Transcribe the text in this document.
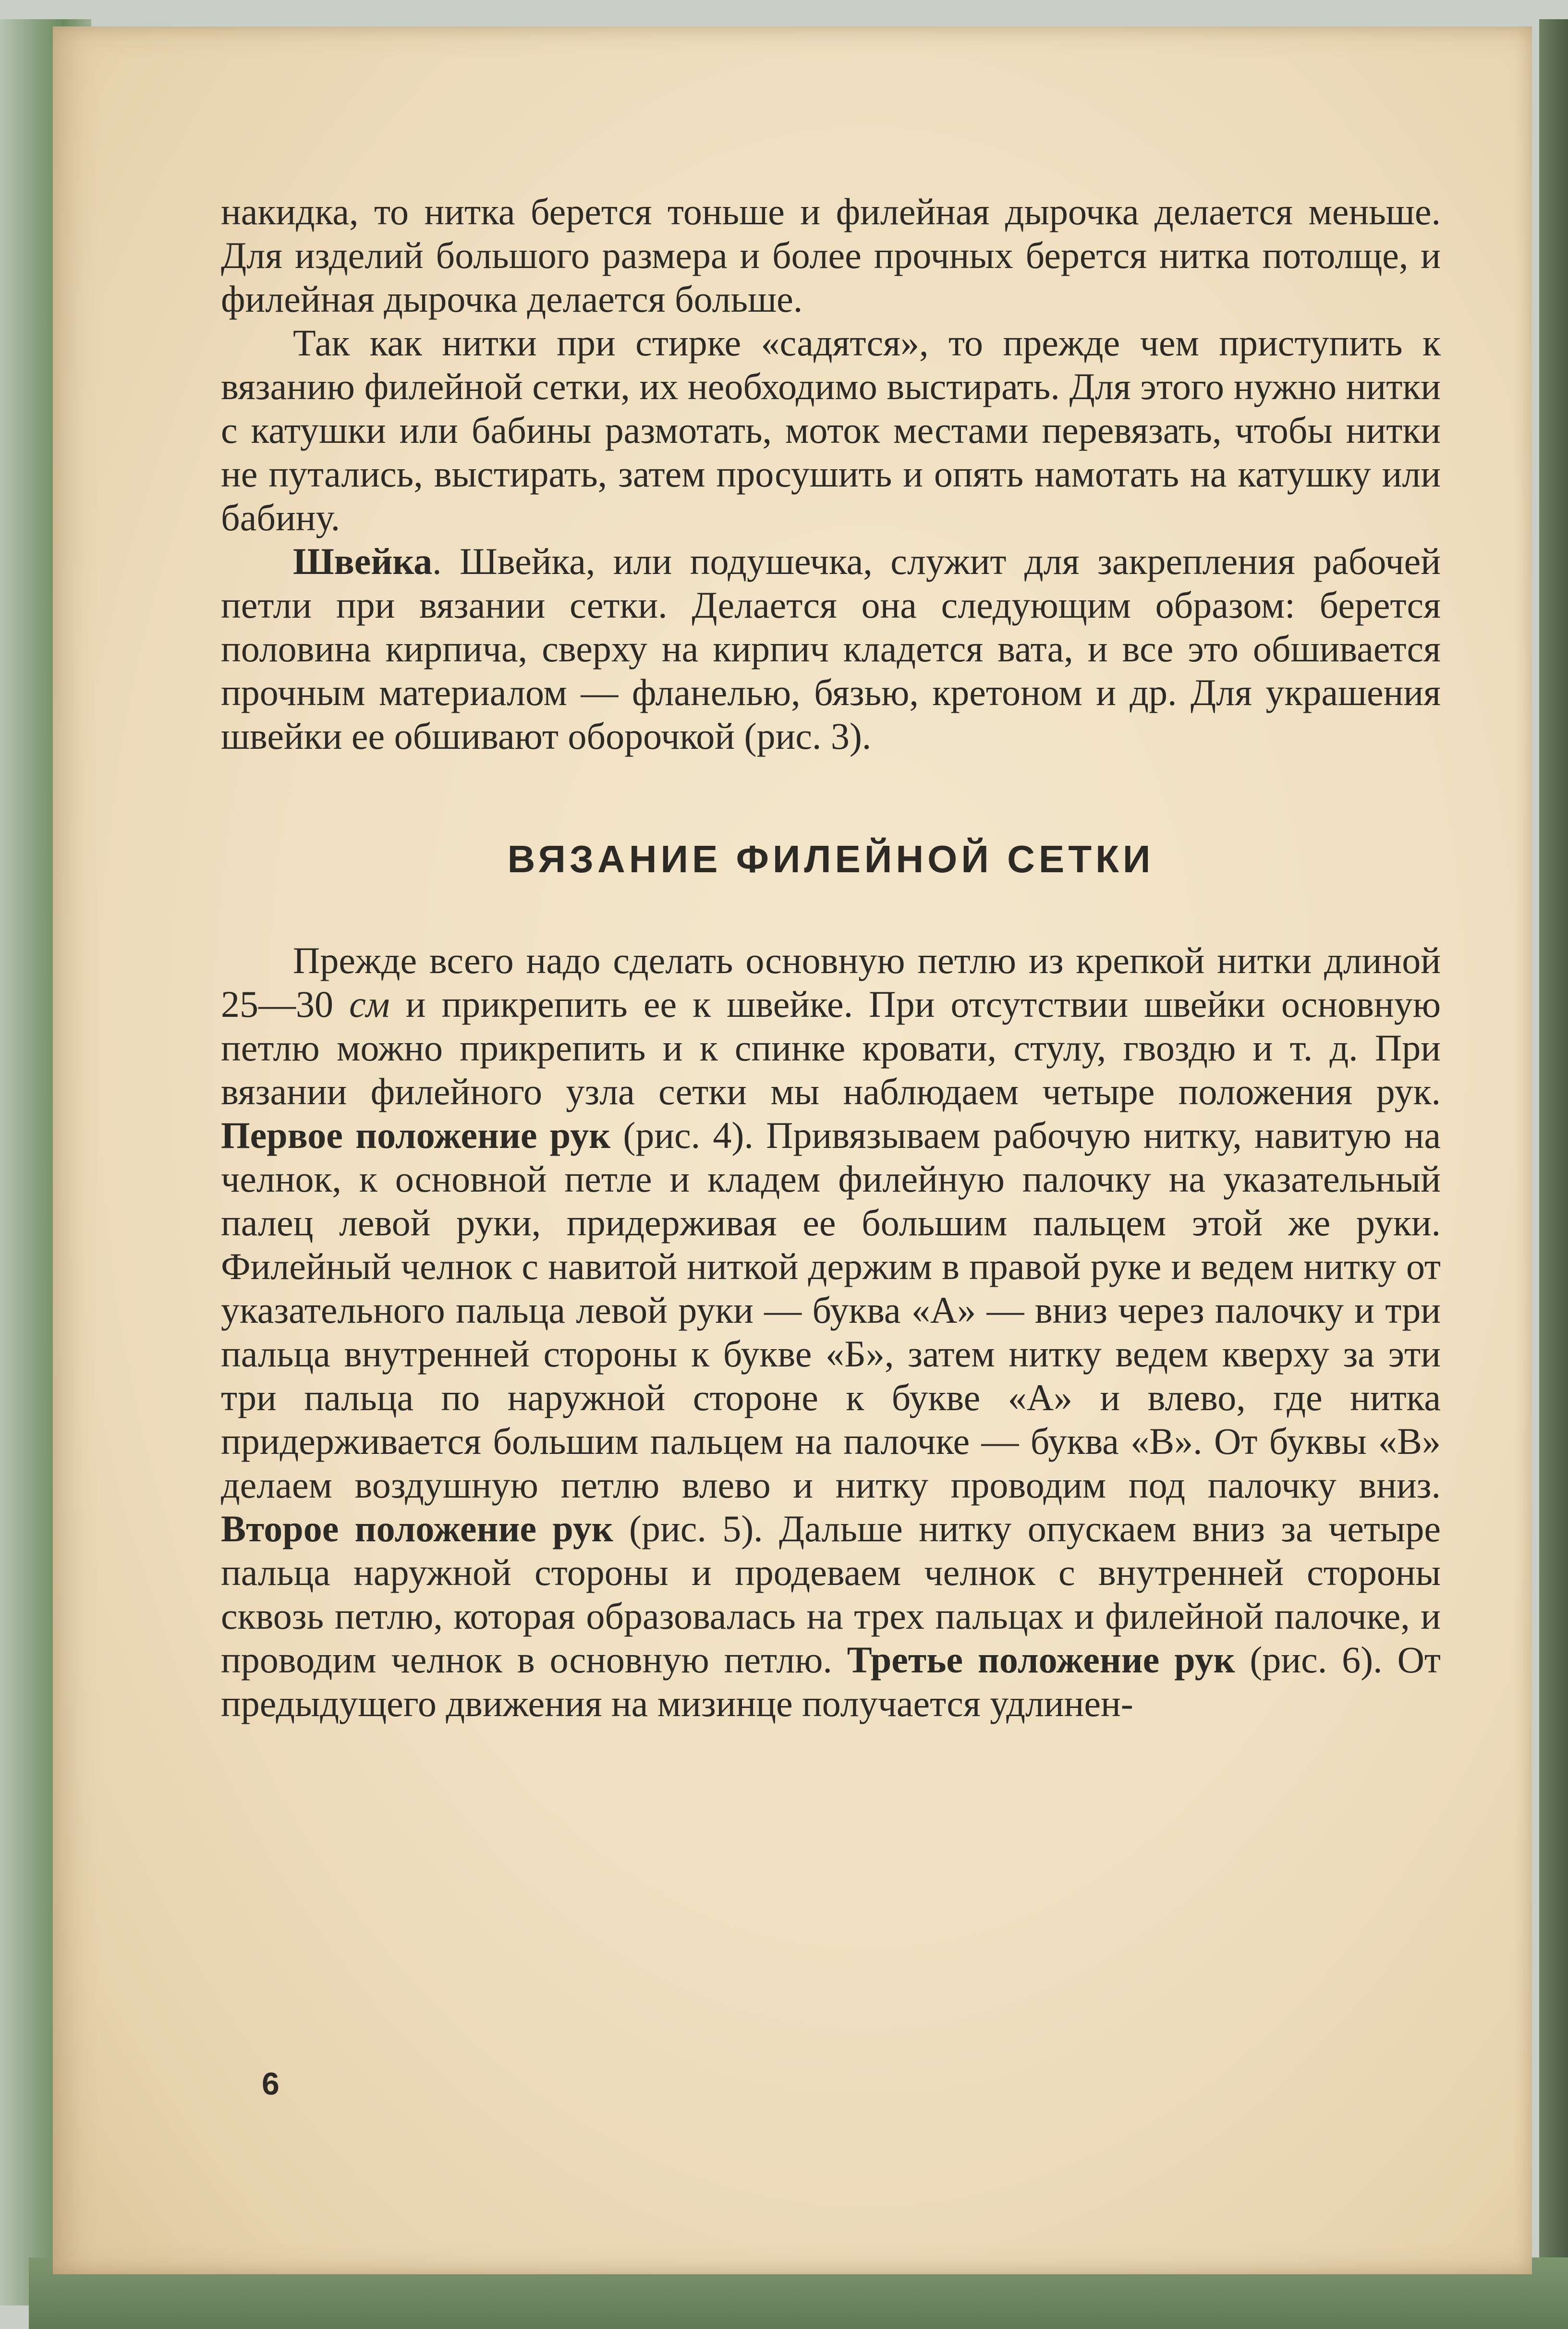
накидка, то нитка берется тоньше и филейная дырочка делается меньше. Для изделий большого размера и более прочных берется нитка потолще, и филейная дырочка делается больше.

Так как нитки при стирке «садятся», то прежде чем приступить к вязанию филейной сетки, их необходимо выстирать. Для этого нужно нитки с катушки или бабины размотать, моток местами перевязать, чтобы нитки не путались, выстирать, затем просушить и опять намотать на катушку или бабину.

Швейка. Швейка, или подушечка, служит для закрепления рабочей петли при вязании сетки. Делается она следующим образом: берется половина кирпича, сверху на кирпич кладется вата, и все это обшивается прочным материалом — фланелью, бязью, кретоном и др. Для украшения швейки ее обшивают оборочкой (рис. 3).

ВЯЗАНИЕ ФИЛЕЙНОЙ СЕТКИ

Прежде всего надо сделать основную петлю из крепкой нитки длиной 25—30 см и прикрепить ее к швейке. При отсутствии швейки основную петлю можно прикрепить и к спинке кровати, стулу, гвоздю и т. д. При вязании филейного узла сетки мы наблюдаем четыре положения рук. Первое положение рук (рис. 4). Привязываем рабочую нитку, навитую на челнок, к основной петле и кладем филейную палочку на указательный палец левой руки, придерживая ее большим пальцем этой же руки. Филейный челнок с навитой ниткой держим в правой руке и ведем нитку от указательного пальца левой руки — буква «А» — вниз через палочку и три пальца внутренней стороны к букве «Б», затем нитку ведем кверху за эти три пальца по наружной стороне к букве «А» и влево, где нитка придерживается большим пальцем на палочке — буква «В». От буквы «В» делаем воздушную петлю влево и нитку проводим под палочку вниз. Второе положение рук (рис. 5). Дальше нитку опускаем вниз за четыре пальца наружной стороны и продеваем челнок с внутренней стороны сквозь петлю, которая образовалась на трех пальцах и филейной палочке, и проводим челнок в основную петлю. Третье положение рук (рис. 6). От предыдущего движения на мизинце получается удлинен-

6
